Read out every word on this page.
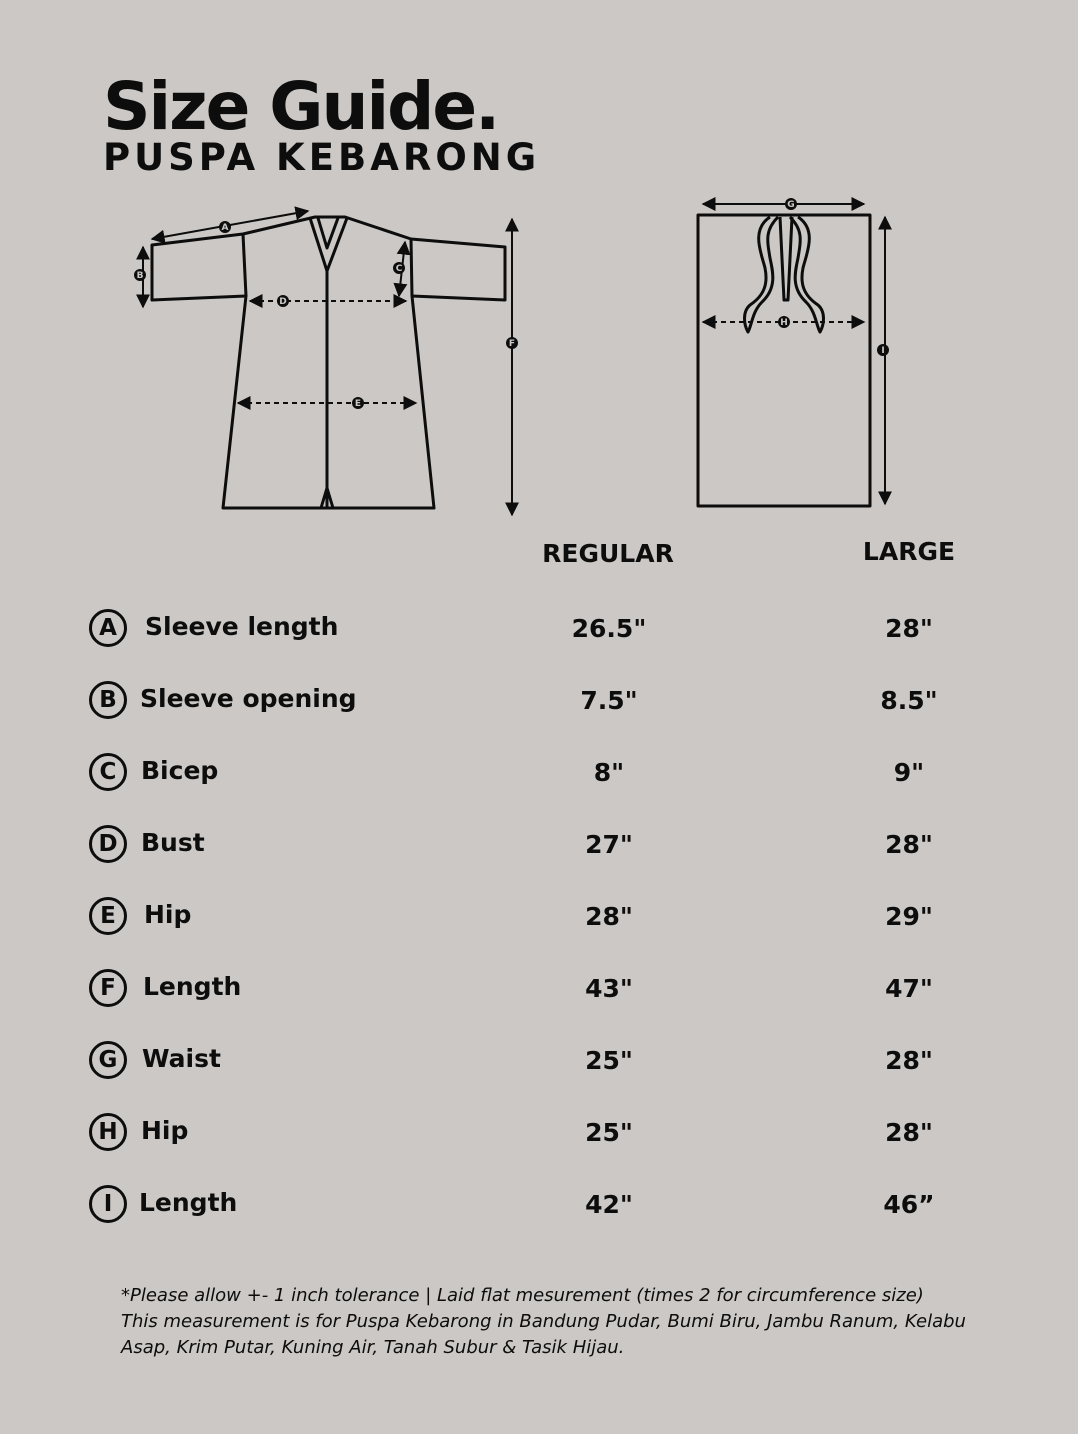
Size Guide.
PUSPA KEBARONG
A
B
C
D
E
F
G
H
I
REGULAR	LARGE
A	Sleeve length	26.5"	28"
B Sleeve opening	7.5"	8.5"
C Bicep	8"	9"
D Bust	27"	28"
E	Hip	28"	29"
F	Length	43"	47"
G Waist	25"	28"
H Hip	25"	28"
I	Length	42"	46”

*Please allow +- 1 inch tolerance | Laid flat mesurement (times 2 for circumference size)

This measurement is for Puspa Kebarong in Bandung Pudar, Bumi Biru, Jambu Ranum, Kelabu Asap, Krim Putar, Kuning Air, Tanah Subur & Tasik Hijau.
